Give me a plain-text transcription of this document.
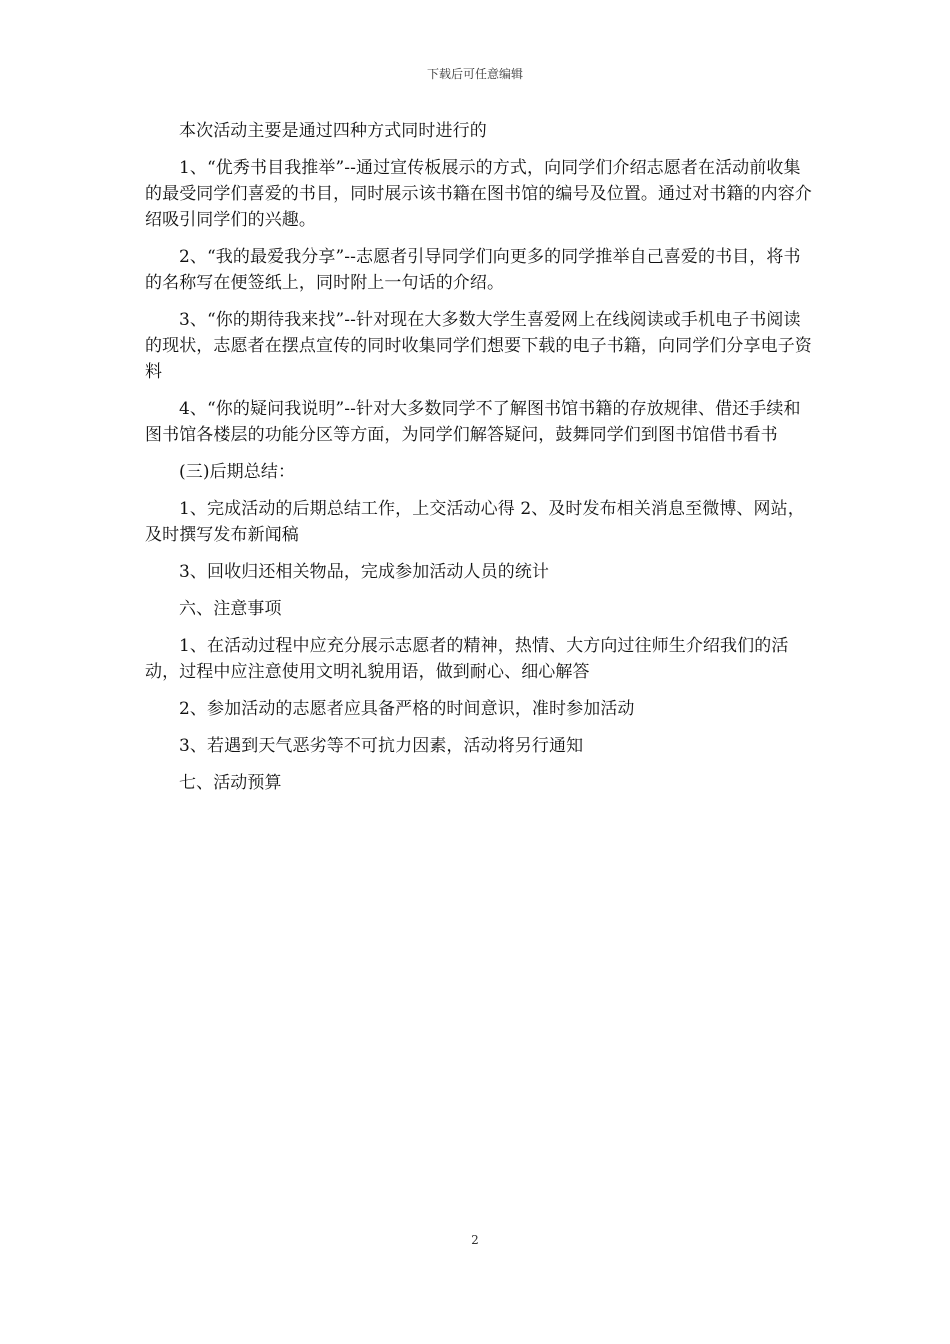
下载后可任意编辑

本次活动主要是通过四种方式同时进行的

1、“优秀书目我推举”--通过宣传板展示的方式，向同学们介绍志愿者在活动前收集的最受同学们喜爱的书目，同时展示该书籍在图书馆的编号及位置。通过对书籍的内容介绍吸引同学们的兴趣。

2、“我的最爱我分享”--志愿者引导同学们向更多的同学推举自己喜爱的书目，将书的名称写在便签纸上，同时附上一句话的介绍。

3、“你的期待我来找”--针对现在大多数大学生喜爱网上在线阅读或手机电子书阅读的现状，志愿者在摆点宣传的同时收集同学们想要下载的电子书籍，向同学们分享电子资料

4、“你的疑问我说明”--针对大多数同学不了解图书馆书籍的存放规律、借还手续和图书馆各楼层的功能分区等方面，为同学们解答疑问，鼓舞同学们到图书馆借书看书

(三)后期总结：

1、完成活动的后期总结工作，上交活动心得 2、及时发布相关消息至微博、网站，及时撰写发布新闻稿

3、回收归还相关物品，完成参加活动人员的统计

六、注意事项

1、在活动过程中应充分展示志愿者的精神，热情、大方向过往师生介绍我们的活动，过程中应注意使用文明礼貌用语，做到耐心、细心解答

2、参加活动的志愿者应具备严格的时间意识，准时参加活动

3、若遇到天气恶劣等不可抗力因素，活动将另行通知

七、活动预算

2
